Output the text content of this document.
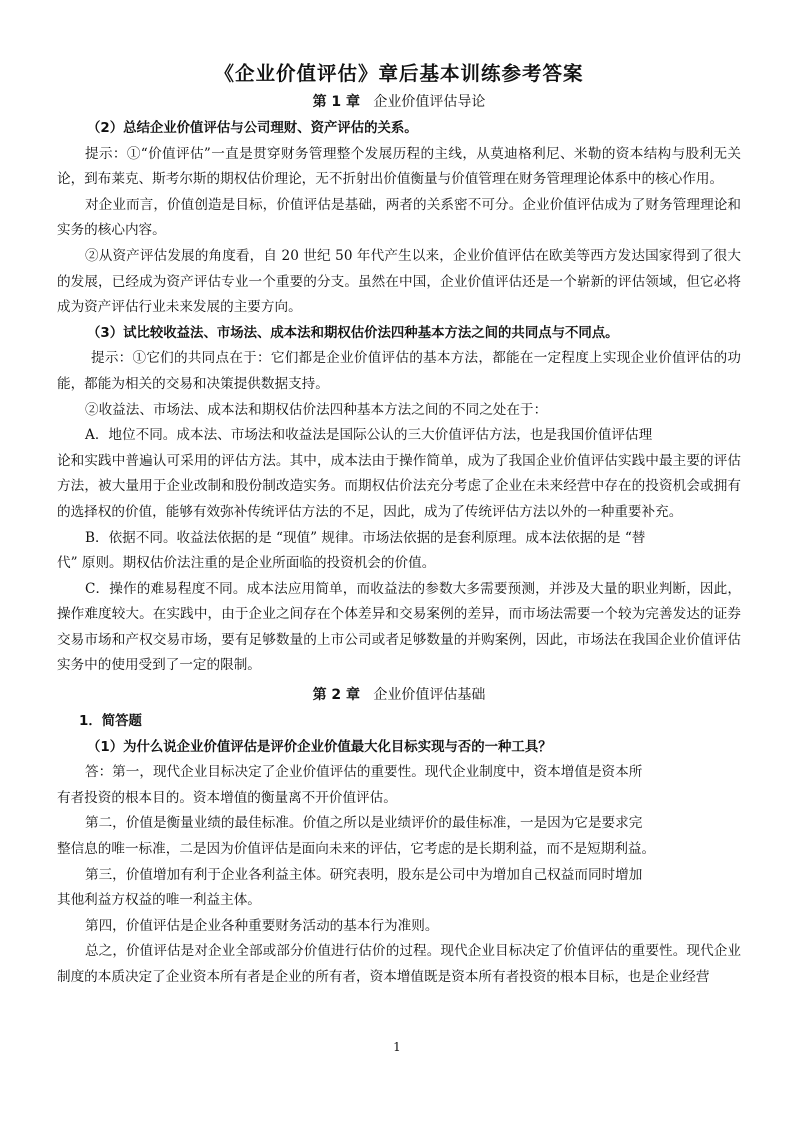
《企业价值评估》章后基本训练参考答案
第 1 章 企业价值评估导论

（2）总结企业价值评估与公司理财、资产评估的关系。

提示：①“价值评估”一直是贯穿财务管理整个发展历程的主线，从莫迪格利尼、米勒的资本结构与股利无关论，到布莱克、斯考尔斯的期权估价理论，无不折射出价值衡量与价值管理在财务管理理论体系中的核心作用。

对企业而言，价值创造是目标，价值评估是基础，两者的关系密不可分。企业价值评估成为了财务管理理论和实务的核心内容。

②从资产评估发展的角度看，自 20 世纪 50 年代产生以来，企业价值评估在欧美等西方发达国家得到了很大的发展，已经成为资产评估专业一个重要的分支。虽然在中国，企业价值评估还是一个崭新的评估领域，但它必将成为资产评估行业未来发展的主要方向。

（3）试比较收益法、市场法、成本法和期权估价法四种基本方法之间的共同点与不同点。

提示：①它们的共同点在于：它们都是企业价值评估的基本方法，都能在一定程度上实现企业价值评估的功能，都能为相关的交易和决策提供数据支持。

②收益法、市场法、成本法和期权估价法四种基本方法之间的不同之处在于：

A．地位不同。成本法、市场法和收益法是国际公认的三大价值评估方法，也是我国价值评估理

论和实践中普遍认可采用的评估方法。其中，成本法由于操作简单，成为了我国企业价值评估实践中最主要的评估方法，被大量用于企业改制和股份制改造实务。而期权估价法充分考虑了企业在未来经营中存在的投资机会或拥有的选择权的价值，能够有效弥补传统评估方法的不足，因此，成为了传统评估方法以外的一种重要补充。

B．依据不同。收益法依据的是 “现值” 规律。市场法依据的是套利原理。成本法依据的是 “替

代” 原则。期权估价法注重的是企业所面临的投资机会的价值。

C．操作的难易程度不同。成本法应用简单，而收益法的参数大多需要预测，并涉及大量的职业判断，因此，操作难度较大。在实践中，由于企业之间存在个体差异和交易案例的差异，而市场法需要一个较为完善发达的证券交易市场和产权交易市场，要有足够数量的上市公司或者足够数量的并购案例，因此，市场法在我国企业价值评估实务中的使用受到了一定的限制。

第 2 章 企业价值评估基础

1．简答题

（1）为什么说企业价值评估是评价企业价值最大化目标实现与否的一种工具？

答：第一，现代企业目标决定了企业价值评估的重要性。现代企业制度中，资本增值是资本所

有者投资的根本目的。资本增值的衡量离不开价值评估。

第二，价值是衡量业绩的最佳标准。价值之所以是业绩评价的最佳标准，一是因为它是要求完

整信息的唯一标准，二是因为价值评估是面向未来的评估，它考虑的是长期利益，而不是短期利益。

第三，价值增加有利于企业各利益主体。研究表明，股东是公司中为增加自己权益而同时增加

其他利益方权益的唯一利益主体。

第四，价值评估是企业各种重要财务活动的基本行为准则。

总之，价值评估是对企业全部或部分价值进行估价的过程。现代企业目标决定了价值评估的重要性。现代企业制度的本质决定了企业资本所有者是企业的所有者，资本增值既是资本所有者投资的根本目标，也是企业经营

1
